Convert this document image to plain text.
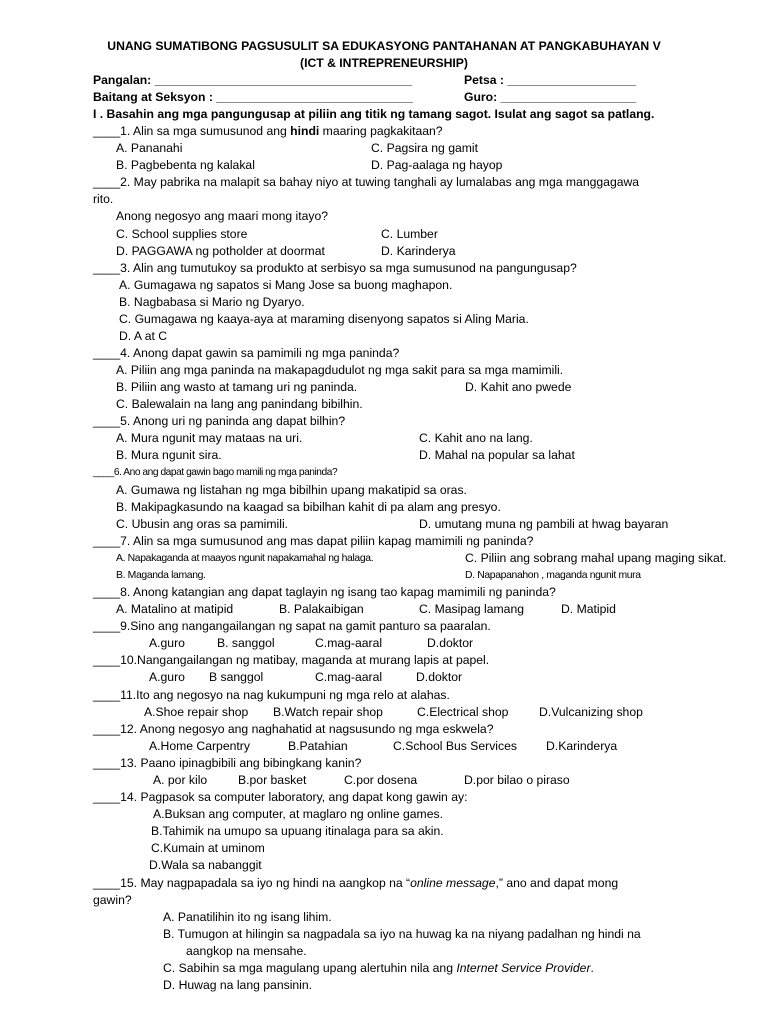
UNANG SUMATIBONG PAGSUSULIT SA EDUKASYONG PANTAHANAN AT PANGKABUHAYAN V
(ICT & INTREPRENEURSHIP)
Pangalan: ______________________________________	Petsa : ___________________
Baitang at Seksyon : _____________________________	Guro: ____________________
I . Basahin ang mga pangungusap at piliin ang titik ng tamang sagot. Isulat ang sagot sa patlang.
____1. Alin sa mga sumusunod ang hindi maaring pagkakitaan?
A. Pananahi	C. Pagsira ng gamit
B. Pagbebenta ng kalakal	D. Pag-aalaga ng hayop
____2. May pabrika na malapit sa bahay niyo at tuwing tanghali ay lumalabas ang mga manggagawa
rito.
Anong negosyo ang maari mong itayo?
C. School supplies store	C. Lumber
D. PAGGAWA ng potholder at doormat	D. Karinderya
____3. Alin ang tumutukoy sa produkto at serbisyo sa mga sumusunod na pangungusap?
A. Gumagawa ng sapatos si Mang Jose sa buong maghapon.
B. Nagbabasa si Mario ng Dyaryo.
C. Gumagawa ng kaaya-aya at maraming disenyong sapatos si Aling Maria.
D. A at C
____4. Anong dapat gawin sa pamimili ng mga paninda?
A. Piliin ang mga paninda na makapagdudulot ng mga sakit para sa mga mamimili.
B. Piliin ang wasto at tamang uri ng paninda.	D. Kahit ano pwede
C. Balewalain na lang ang panindang bibilhin.
____5. Anong uri ng paninda ang dapat bilhin?
A. Mura ngunit may mataas na uri.	C. Kahit ano na lang.
B. Mura ngunit sira.	D. Mahal na popular sa lahat
____6. Ano ang dapat gawin bago mamili ng mga paninda?
A. Gumawa ng listahan ng mga bibilhin upang makatipid sa oras.
B. Makipagkasundo na kaagad sa bibilhan kahit di pa alam ang presyo.
C. Ubusin ang oras sa pamimili.	D. umutang muna ng pambili at hwag bayaran
____7. Alin sa mga sumusunod ang mas dapat piliin kapag mamimili ng paninda?
A. Napakaganda at maayos ngunit napakamahal ng halaga.	C. Piliin ang sobrang mahal upang maging sikat.
B. Maganda lamang.	D. Napapanahon , maganda ngunit mura
____8. Anong katangian ang dapat taglayin ng isang tao kapag mamimili ng paninda?
A. Matalino at matipid	B. Palakaibigan	C. Masipag lamang	D. Matipid
____9.Sino ang nangangailangan ng sapat na gamit panturo sa paaralan.
A.guro	B. sanggol	C.mag-aaral	D.doktor
____10.Nangangailangan ng matibay, maganda at murang lapis at papel.
A.guro B sanggol	C.mag-aaral	D.doktor
____11.Ito ang negosyo na nag kukumpuni ng mga relo at alahas.
A.Shoe repair shop B.Watch repair shop	C.Electrical shop	D.Vulcanizing shop
____12. Anong negosyo ang naghahatid at nagsusundo ng mga eskwela?
A.Home Carpentry	B.Patahian	C.School Bus Services D.Karinderya
____13. Paano ipinagbibili ang bibingkang kanin?
A. por kilo	B.por basket	C.por dosena	D.por bilao o piraso
____14. Pagpasok sa computer laboratory, ang dapat kong gawin ay:
A.Buksan ang computer, at maglaro ng online games.
B.Tahimik na umupo sa upuang itinalaga para sa akin.
C.Kumain at uminom
D.Wala sa nabanggit
____15. May nagpapadala sa iyo ng hindi na aangkop na “online message,” ano and dapat mong
gawin?
A. Panatilihin ito ng isang lihim.
B. Tumugon at hilingin sa nagpadala sa iyo na huwag ka na niyang padalhan ng hindi na
aangkop na mensahe.
C. Sabihin sa mga magulang upang alertuhin nila ang Internet Service Provider.
D. Huwag na lang pansinin.
